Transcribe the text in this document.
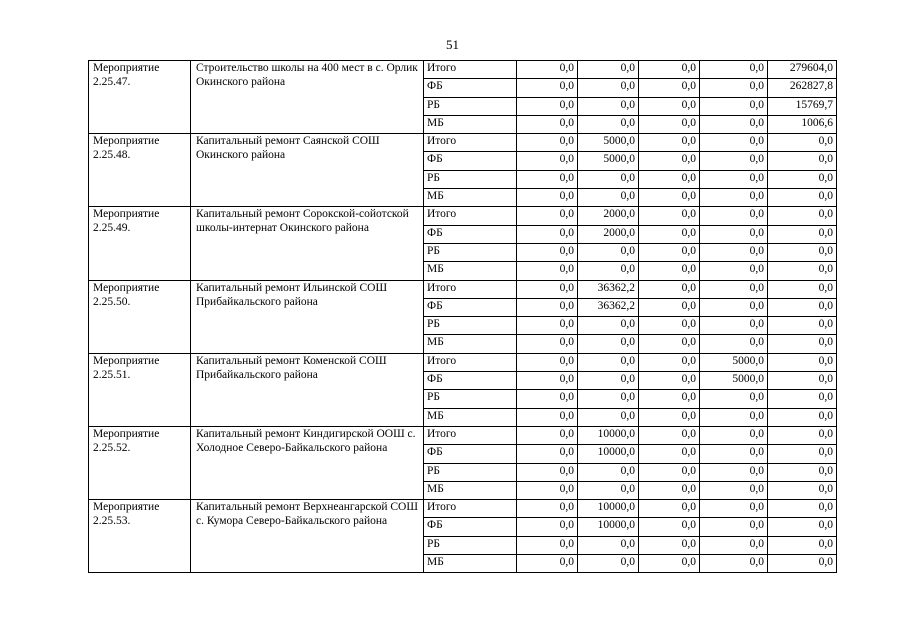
51
Мероприятие 2.25.47.	Строительство школы на 400 мест в с. Орлик Окинского района	Итого	0,0	0,0	0,0	0,0	279604,0
		ФБ	0,0	0,0	0,0	0,0	262827,8
		РБ	0,0	0,0	0,0	0,0	15769,7
		МБ	0,0	0,0	0,0	0,0	1006,6
Мероприятие 2.25.48.	Капитальный ремонт Саянской СОШ Окинского района	Итого	0,0	5000,0	0,0	0,0	0,0
		ФБ	0,0	5000,0	0,0	0,0	0,0
		РБ	0,0	0,0	0,0	0,0	0,0
		МБ	0,0	0,0	0,0	0,0	0,0
Мероприятие 2.25.49.	Капитальный ремонт Сорокской-сойотской школы-интернат Окинского района	Итого	0,0	2000,0	0,0	0,0	0,0
		ФБ	0,0	2000,0	0,0	0,0	0,0
		РБ	0,0	0,0	0,0	0,0	0,0
		МБ	0,0	0,0	0,0	0,0	0,0
Мероприятие 2.25.50.	Капитальный ремонт Ильинской СОШ Прибайкальского района	Итого	0,0	36362,2	0,0	0,0	0,0
		ФБ	0,0	36362,2	0,0	0,0	0,0
		РБ	0,0	0,0	0,0	0,0	0,0
		МБ	0,0	0,0	0,0	0,0	0,0
Мероприятие 2.25.51.	Капитальный ремонт Коменской СОШ Прибайкальского района	Итого	0,0	0,0	0,0	5000,0	0,0
		ФБ	0,0	0,0	0,0	5000,0	0,0
		РБ	0,0	0,0	0,0	0,0	0,0
		МБ	0,0	0,0	0,0	0,0	0,0
Мероприятие 2.25.52.	Капитальный ремонт Киндигирской ООШ с. Холодное Северо-Байкальского района	Итого	0,0	10000,0	0,0	0,0	0,0
		ФБ	0,0	10000,0	0,0	0,0	0,0
		РБ	0,0	0,0	0,0	0,0	0,0
		МБ	0,0	0,0	0,0	0,0	0,0
Мероприятие 2.25.53.	Капитальный ремонт Верхнеангарской СОШ с. Кумора Северо-Байкальского района	Итого	0,0	10000,0	0,0	0,0	0,0
		ФБ	0,0	10000,0	0,0	0,0	0,0
		РБ	0,0	0,0	0,0	0,0	0,0
		МБ	0,0	0,0	0,0	0,0	0,0
